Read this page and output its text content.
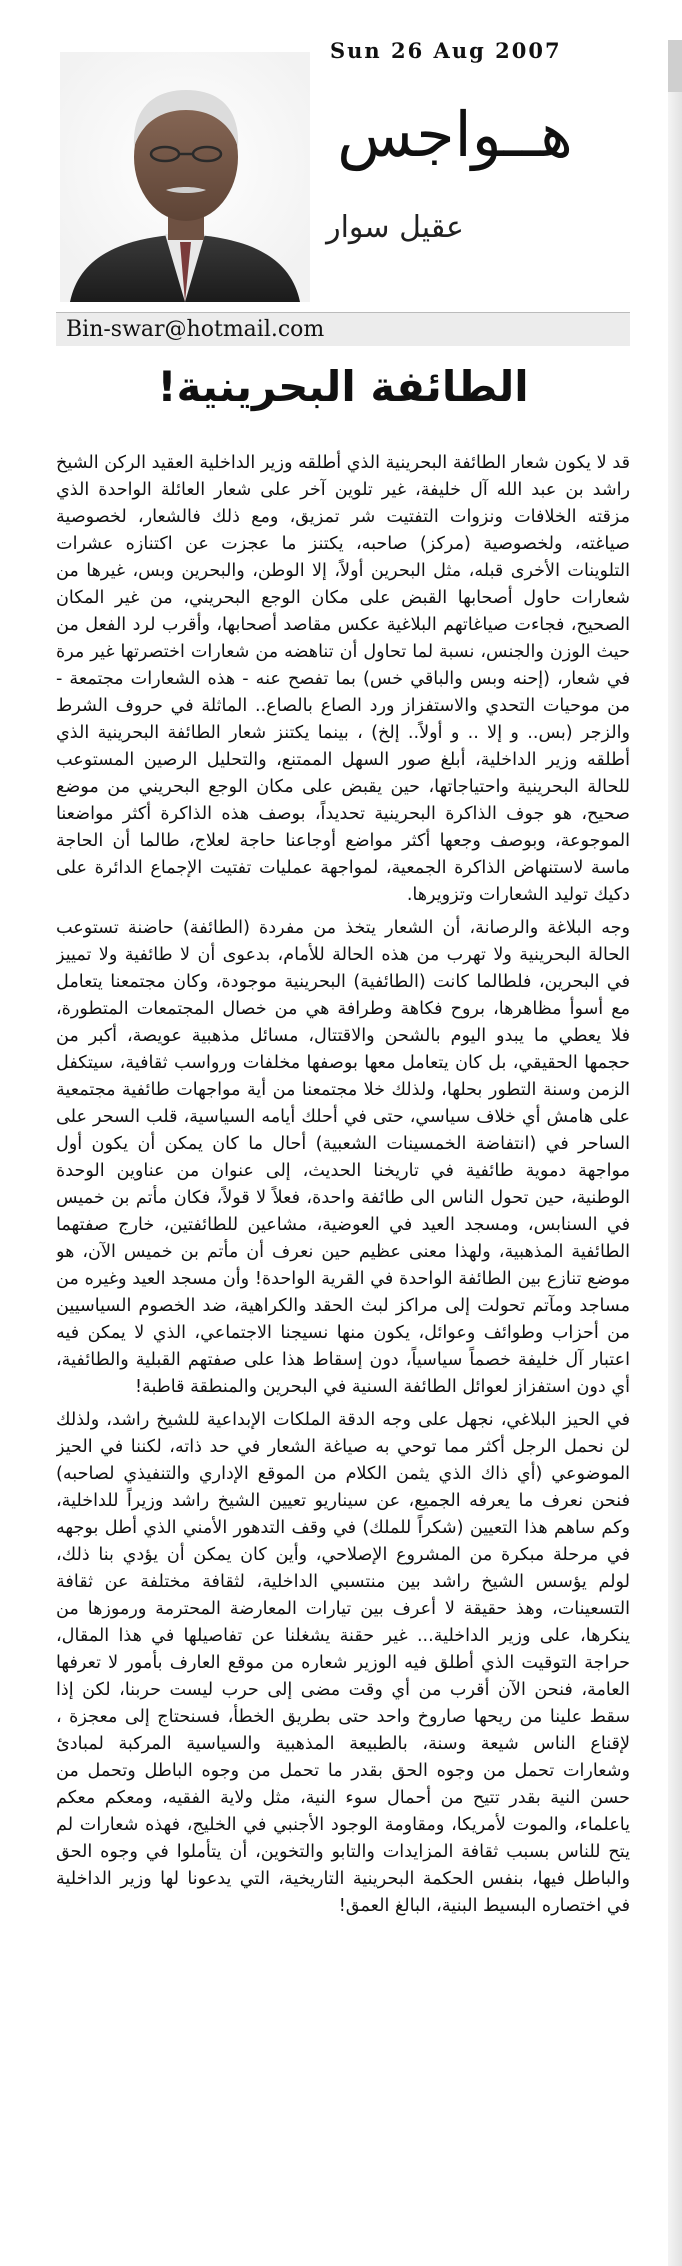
Sun 26 Aug 2007
هــواجس
عقيل سوار
Bin-swar@hotmail.com
الطائفة البحرينية!

قد لا يكون شعار الطائفة البحرينية الذي أطلقه وزير الداخلية العقيد الركن الشيخ راشد بن عبد الله آل خليفة، غير تلوين آخر على شعار العائلة الواحدة الذي مزقته الخلافات ونزوات التفتيت شر تمزيق، ومع ذلك فالشعار، لخصوصية صياغته، ولخصوصية (مركز) صاحبه، يكتنز ما عجزت عن اكتنازه عشرات التلوينات الأخرى قبله، مثل البحرين أولاً، إلا الوطن، والبحرين وبس، غيرها من شعارات حاول أصحابها القبض على مكان الوجع البحريني، من غير المكان الصحيح، فجاءت صياغاتهم البلاغية عكس مقاصد أصحابها، وأقرب لرد الفعل من حيث الوزن والجنس، نسبة لما تحاول أن تناهضه من شعارات اختصرتها غير مرة في شعار، (إحنه وبس والباقي خس) بما تفصح عنه - هذه الشعارات مجتمعة - من موحيات التحدي والاستفزاز ورد الصاع بالصاع.. الماثلة في حروف الشرط والزجر (بس.. و إلا .. و أولاً.. إلخ) ، بينما يكتنز شعار الطائفة البحرينية الذي أطلقه وزير الداخلية، أبلغ صور السهل الممتنع، والتحليل الرصين المستوعب للحالة البحرينية واحتياجاتها، حين يقبض على مكان الوجع البحريني من موضع صحيح، هو جوف الذاكرة البحرينية تحديداً، بوصف هذه الذاكرة أكثر مواضعنا الموجوعة، وبوصف وجعها أكثر مواضع أوجاعنا حاجة لعلاج، طالما أن الحاجة ماسة لاستنهاض الذاكرة الجمعية، لمواجهة عمليات تفتيت الإجماع الدائرة على دكيك توليد الشعارات وتزويرها.

وجه البلاغة والرصانة، أن الشعار يتخذ من مفردة (الطائفة) حاضنة تستوعب الحالة البحرينية ولا تهرب من هذه الحالة للأمام، بدعوى أن لا طائفية ولا تمييز في البحرين، فلطالما كانت (الطائفية) البحرينية موجودة، وكان مجتمعنا يتعامل مع أسوأ مظاهرها، بروح فكاهة وطرافة هي من خصال المجتمعات المتطورة، فلا يعطي ما يبدو اليوم بالشحن والاقتتال، مسائل مذهبية عويصة، أكبر من حجمها الحقيقي، بل كان يتعامل معها بوصفها مخلفات ورواسب ثقافية، سيتكفل الزمن وسنة التطور بحلها، ولذلك خلا مجتمعنا من أية مواجهات طائفية مجتمعية على هامش أي خلاف سياسي، حتى في أحلك أيامه السياسية، قلب السحر على الساحر في (انتفاضة الخمسينات الشعبية) أحال ما كان يمكن أن يكون أول مواجهة دموية طائفية في تاريخنا الحديث، إلى عنوان من عناوين الوحدة الوطنية، حين تحول الناس الى طائفة واحدة، فعلاً لا قولاً، فكان مأتم بن خميس في السنابس، ومسجد العيد في العوضية، مشاعين للطائفتين، خارج صفتهما الطائفية المذهبية، ولهذا معنى عظيم حين نعرف أن مأتم بن خميس الآن، هو موضع تنازع بين الطائفة الواحدة في القرية الواحدة! وأن مسجد العيد وغيره من مساجد ومآتم تحولت إلى مراكز لبث الحقد والكراهية، ضد الخصوم السياسيين من أحزاب وطوائف وعوائل، يكون منها نسيجنا الاجتماعي، الذي لا يمكن فيه اعتبار آل خليفة خصماً سياسياً، دون إسقاط هذا على صفتهم القبلية والطائفية، أي دون استفزاز لعوائل الطائفة السنية في البحرين والمنطقة قاطبة!

في الحيز البلاغي، نجهل على وجه الدقة الملكات الإبداعية للشيخ راشد، ولذلك لن نحمل الرجل أكثر مما توحي به صياغة الشعار في حد ذاته، لكننا في الحيز الموضوعي (أي ذاك الذي يثمن الكلام من الموقع الإداري والتنفيذي لصاحبه) فنحن نعرف ما يعرفه الجميع، عن سيناريو تعيين الشيخ راشد وزيراً للداخلية، وكم ساهم هذا التعيين (شكراً للملك) في وقف التدهور الأمني الذي أطل بوجهه في مرحلة مبكرة من المشروع الإصلاحي، وأين كان يمكن أن يؤدي بنا ذلك، لولم يؤسس الشيخ راشد بين منتسبي الداخلية، لثقافة مختلفة عن ثقافة التسعينات، وهذ حقيقة لا أعرف بين تيارات المعارضة المحترمة ورموزها من ينكرها، على وزير الداخلية... غير حقنة يشغلنا عن تفاصيلها في هذا المقال، حراجة التوقيت الذي أطلق فيه الوزير شعاره من موقع العارف بأمور لا تعرفها العامة، فنحن الآن أقرب من أي وقت مضى إلى حرب ليست حربنا، لكن إذا سقط علينا من ريحها صاروخ واحد حتى بطريق الخطأ، فسنحتاج إلى معجزة ، لإقناع الناس شيعة وسنة، بالطبيعة المذهبية والسياسية المركبة لمبادئ وشعارات تحمل من وجوه الحق بقدر ما تحمل من وجوه الباطل وتحمل من حسن النية بقدر تتيح من أحمال سوء النية، مثل ولاية الفقيه، ومعكم معكم ياعلماء، والموت لأمريكا، ومقاومة الوجود الأجنبي في الخليج، فهذه شعارات لم يتح للناس بسبب ثقافة المزايدات والتابو والتخوين، أن يتأملوا في وجوه الحق والباطل فيها، بنفس الحكمة البحرينية التاريخية، التي يدعونا لها وزير الداخلية في اختصاره البسيط البنية، البالغ العمق!
